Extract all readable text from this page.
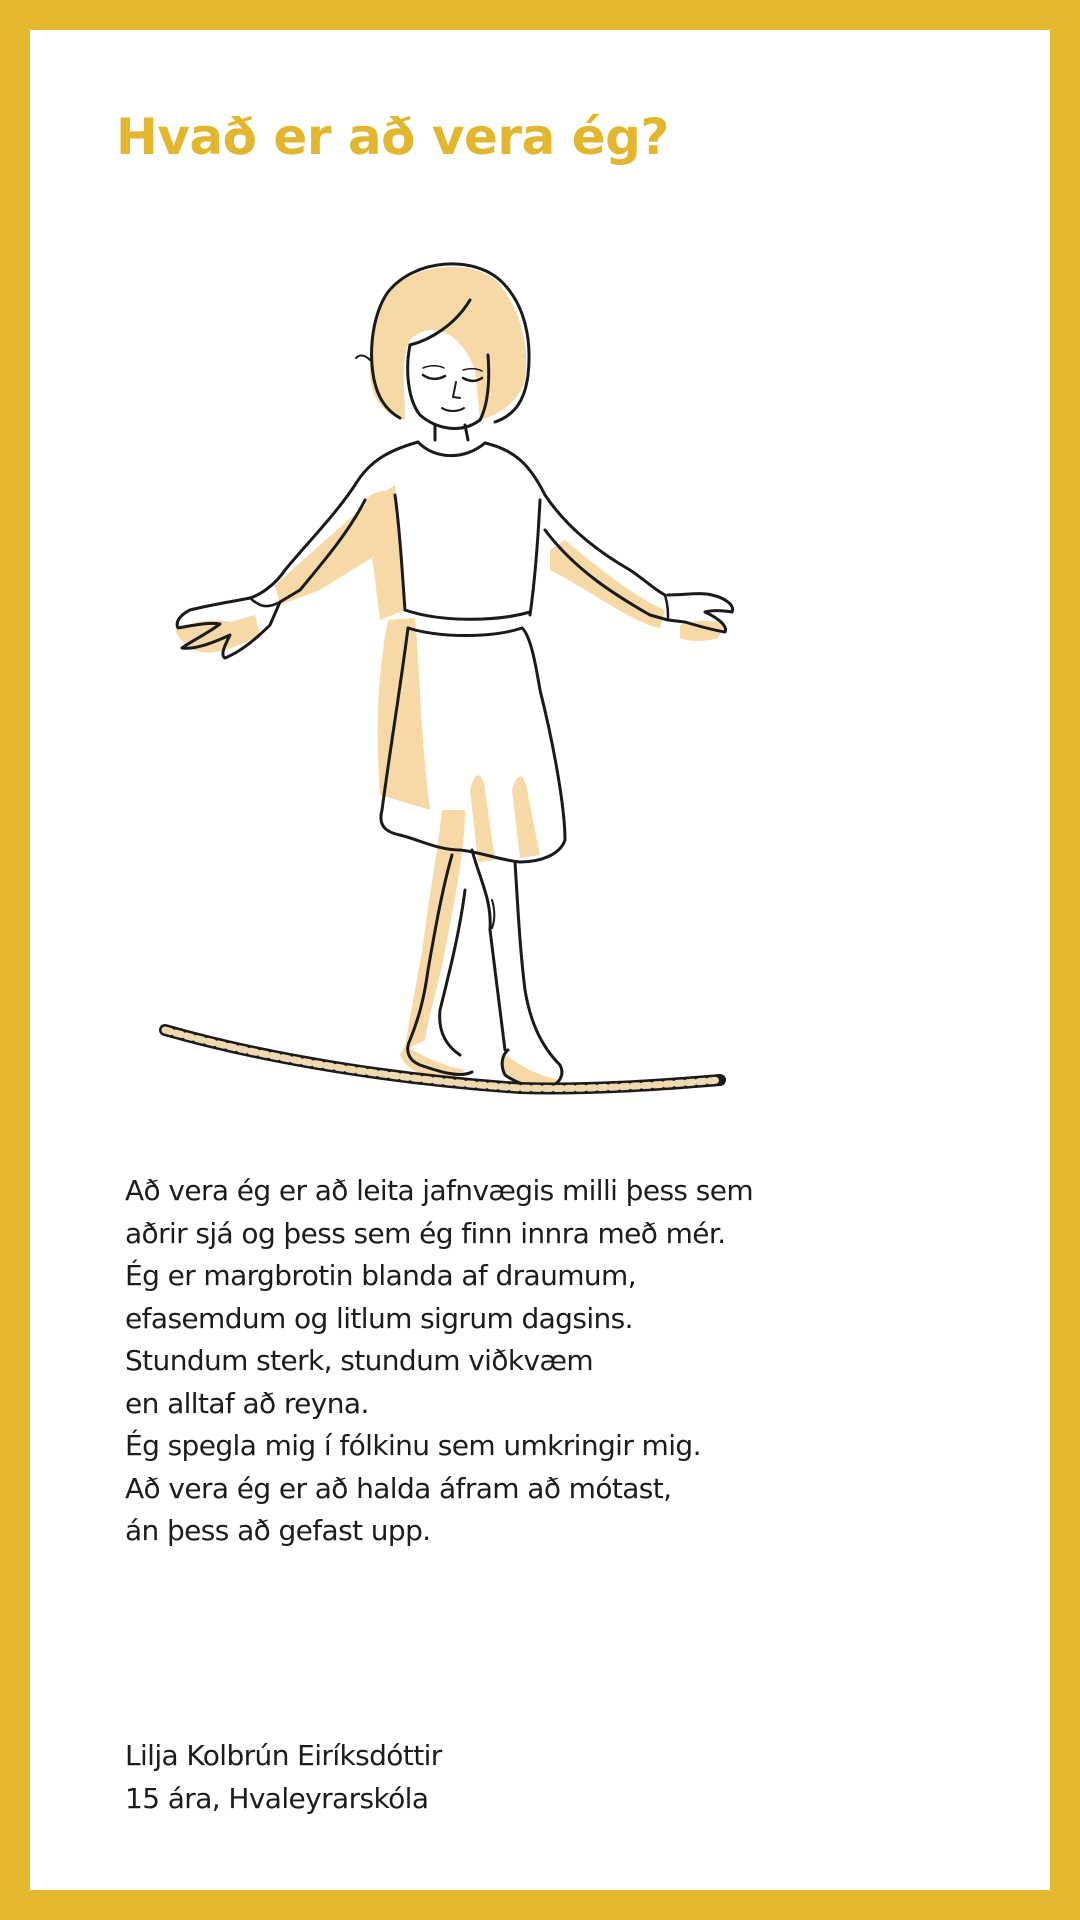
Hvað er að vera ég?
Að vera ég er að leita jafnvægis milli þess sem
aðrir sjá og þess sem ég finn innra með mér.
Ég er margbrotin blanda af draumum,
efasemdum og litlum sigrum dagsins.
Stundum sterk, stundum viðkvæm
en alltaf að reyna.
Ég spegla mig í fólkinu sem umkringir mig.
Að vera ég er að halda áfram að mótast,
án þess að gefast upp.
Lilja Kolbrún Eiríksdóttir
15 ára, Hvaleyrarskóla
